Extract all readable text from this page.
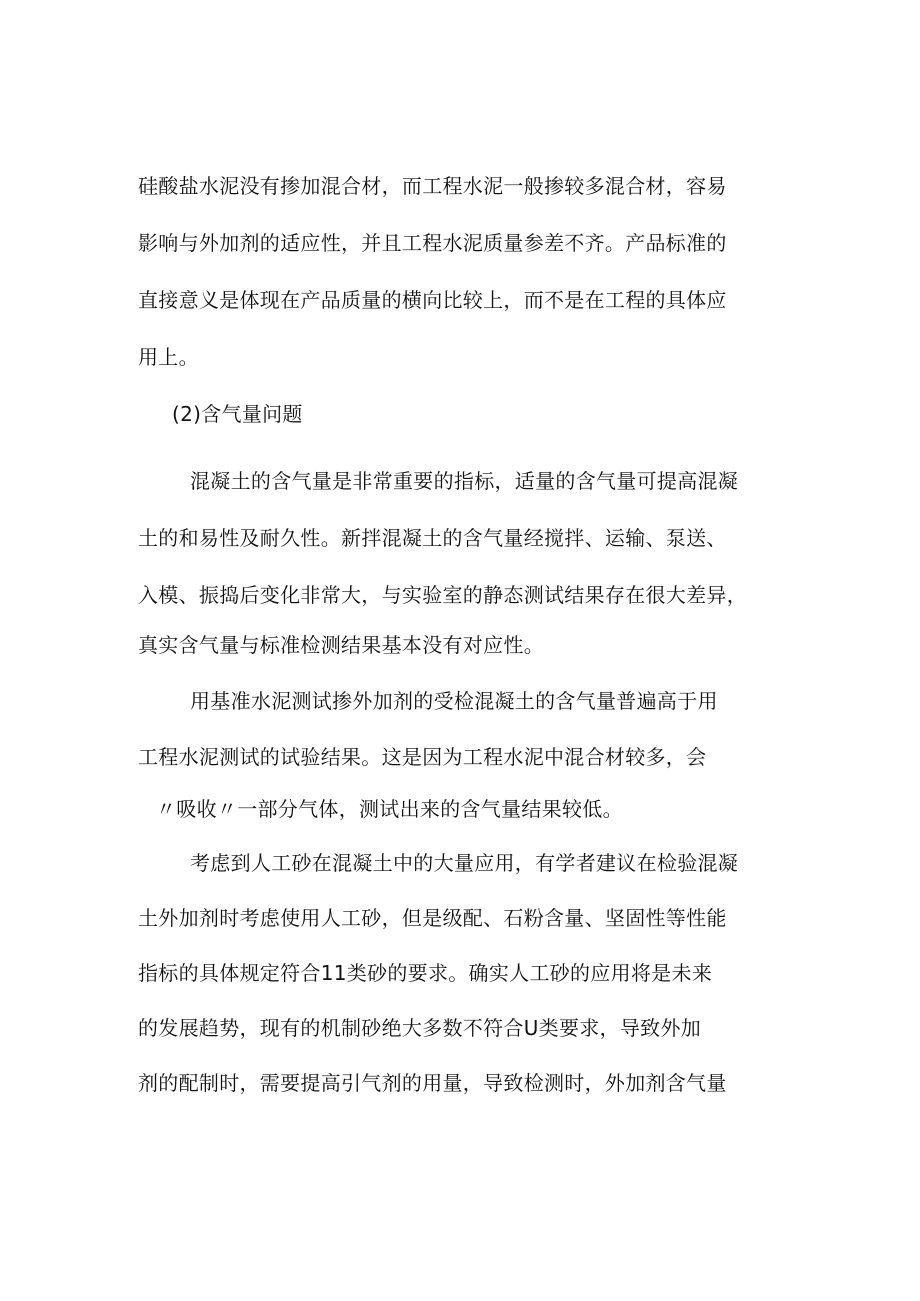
硅酸盐水泥没有掺加混合材，而工程水泥一般掺较多混合材，容易
影响与外加剂的适应性，并且工程水泥质量参差不齐。产品标准的
直接意义是体现在产品质量的横向比较上，而不是在工程的具体应
用上。
(2)含气量问题
混凝土的含气量是非常重要的指标，适量的含气量可提高混凝
土的和易性及耐久性。新拌混凝土的含气量经搅拌、运输、泵送、
入模、振捣后变化非常大，与实验室的静态测试结果存在很大差异，
真实含气量与标准检测结果基本没有对应性。
用基准水泥测试掺外加剂的受检混凝土的含气量普遍高于用
工程水泥测试的试验结果。这是因为工程水泥中混合材较多，会
〃吸收〃一部分气体，测试出来的含气量结果较低。
考虑到人工砂在混凝土中的大量应用，有学者建议在检验混凝
土外加剂时考虑使用人工砂，但是级配、石粉含量、坚固性等性能
指标的具体规定符合11类砂的要求。确实人工砂的应用将是未来
的发展趋势，现有的机制砂绝大多数不符合U类要求，导致外加
剂的配制时，需要提高引气剂的用量，导致检测时，外加剂含气量
